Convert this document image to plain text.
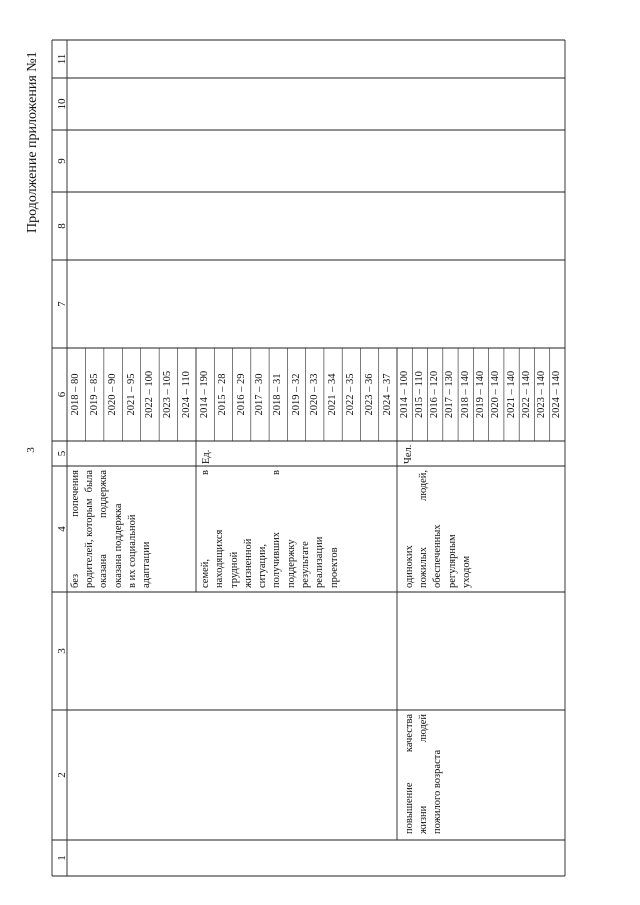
3
Продолжение приложения №1
1
2
3
4
5
6
7
8
9
10
11
без
попечения
родителей, которым
была
оказана
поддержка
оказана поддержка в их социальной адаптации	семей,
в
находящихся трудной жизненной ситуации, получивших
в
поддержку результате реализации проектов
Ед.
повышение
качества
жизни
людей
пожилого возраста
одиноких пожилых
людей,
обеспеченных регулярным уходом
Чел.
2018 – 80 2019 – 85 2020 – 90 2021 – 95 2022 – 100 2023 – 105 2024 – 110 2014 – 190 2015 – 28 2016 – 29 2017 – 30 2018 – 31 2019 – 32 2020 – 33 2021 – 34 2022 – 35 2023 – 36 2024 – 37 2014 – 100 2015 – 110 2016 – 120 2017 – 130 2018 – 140 2019 – 140 2020 – 140 2021 – 140 2022 – 140 2023 – 140 2024 – 140
